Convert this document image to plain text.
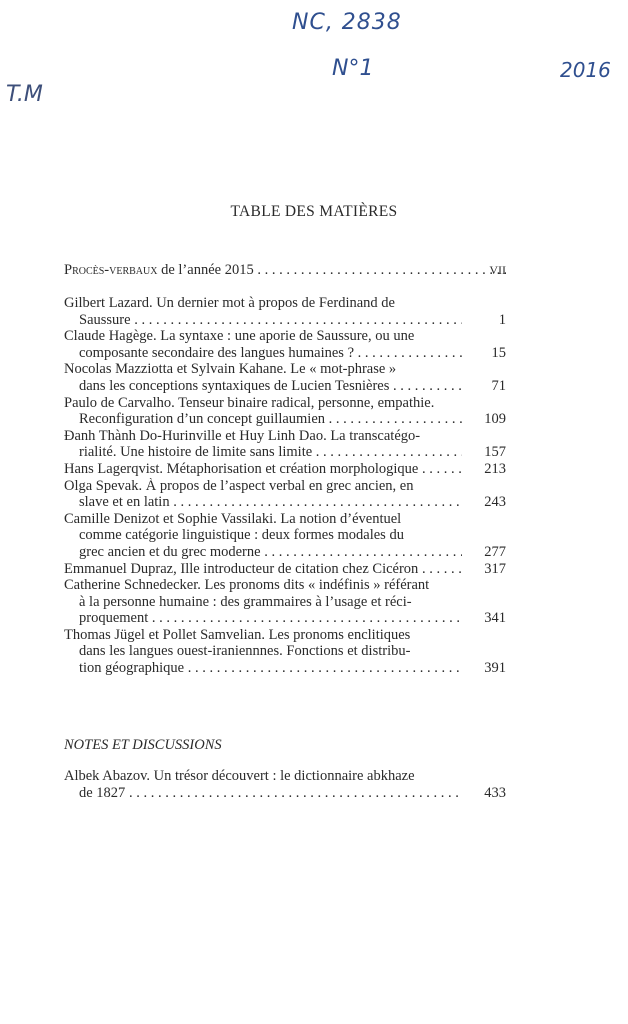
NC, 2838
N°1	2016
T.M
TABLE DES MATIÈRES
Procès-verbaux de l’année 2015 . . .	VII
Gilbert Lazard. Un dernier mot à propos de Ferdinand de
Saussure . . .	1
Claude Hagège. La syntaxe : une aporie de Saussure, ou une
composante secondaire des langues humaines ? . . .	15
Nocolas Mazziotta et Sylvain Kahane. Le « mot-phrase »
dans les conceptions syntaxiques de Lucien Tesnières . . .	71
Paulo de Carvalho. Tenseur binaire radical, personne, empathie.
Reconfiguration d’un concept guillaumien . . .	109
Đanh Thành Do-Hurinville et Huy Linh Dao. La transcatégo-
rialité. Une histoire de limite sans limite . . .	157
Hans Lagerqvist. Métaphorisation et création morphologique . . .	213
Olga Spevak. À propos de l’aspect verbal en grec ancien, en
slave et en latin . . .	243
Camille Denizot et Sophie Vassilaki. La notion d’éventuel
comme catégorie linguistique : deux formes modales du
grec ancien et du grec moderne . . .	277
Emmanuel Dupraz, Ille introducteur de citation chez Cicéron . . .	317
Catherine Schnedecker. Les pronoms dits « indéfinis » référant
à la personne humaine : des grammaires à l’usage et réci-
proquement . . .	341
Thomas Jügel et Pollet Samvelian. Les pronoms enclitiques
dans les langues ouest-iraniennnes. Fonctions et distribu-
tion géographique . . .	391
NOTES ET DISCUSSIONS
Albek Abazov. Un trésor découvert : le dictionnaire abkhaze
de 1827 . . .	433
